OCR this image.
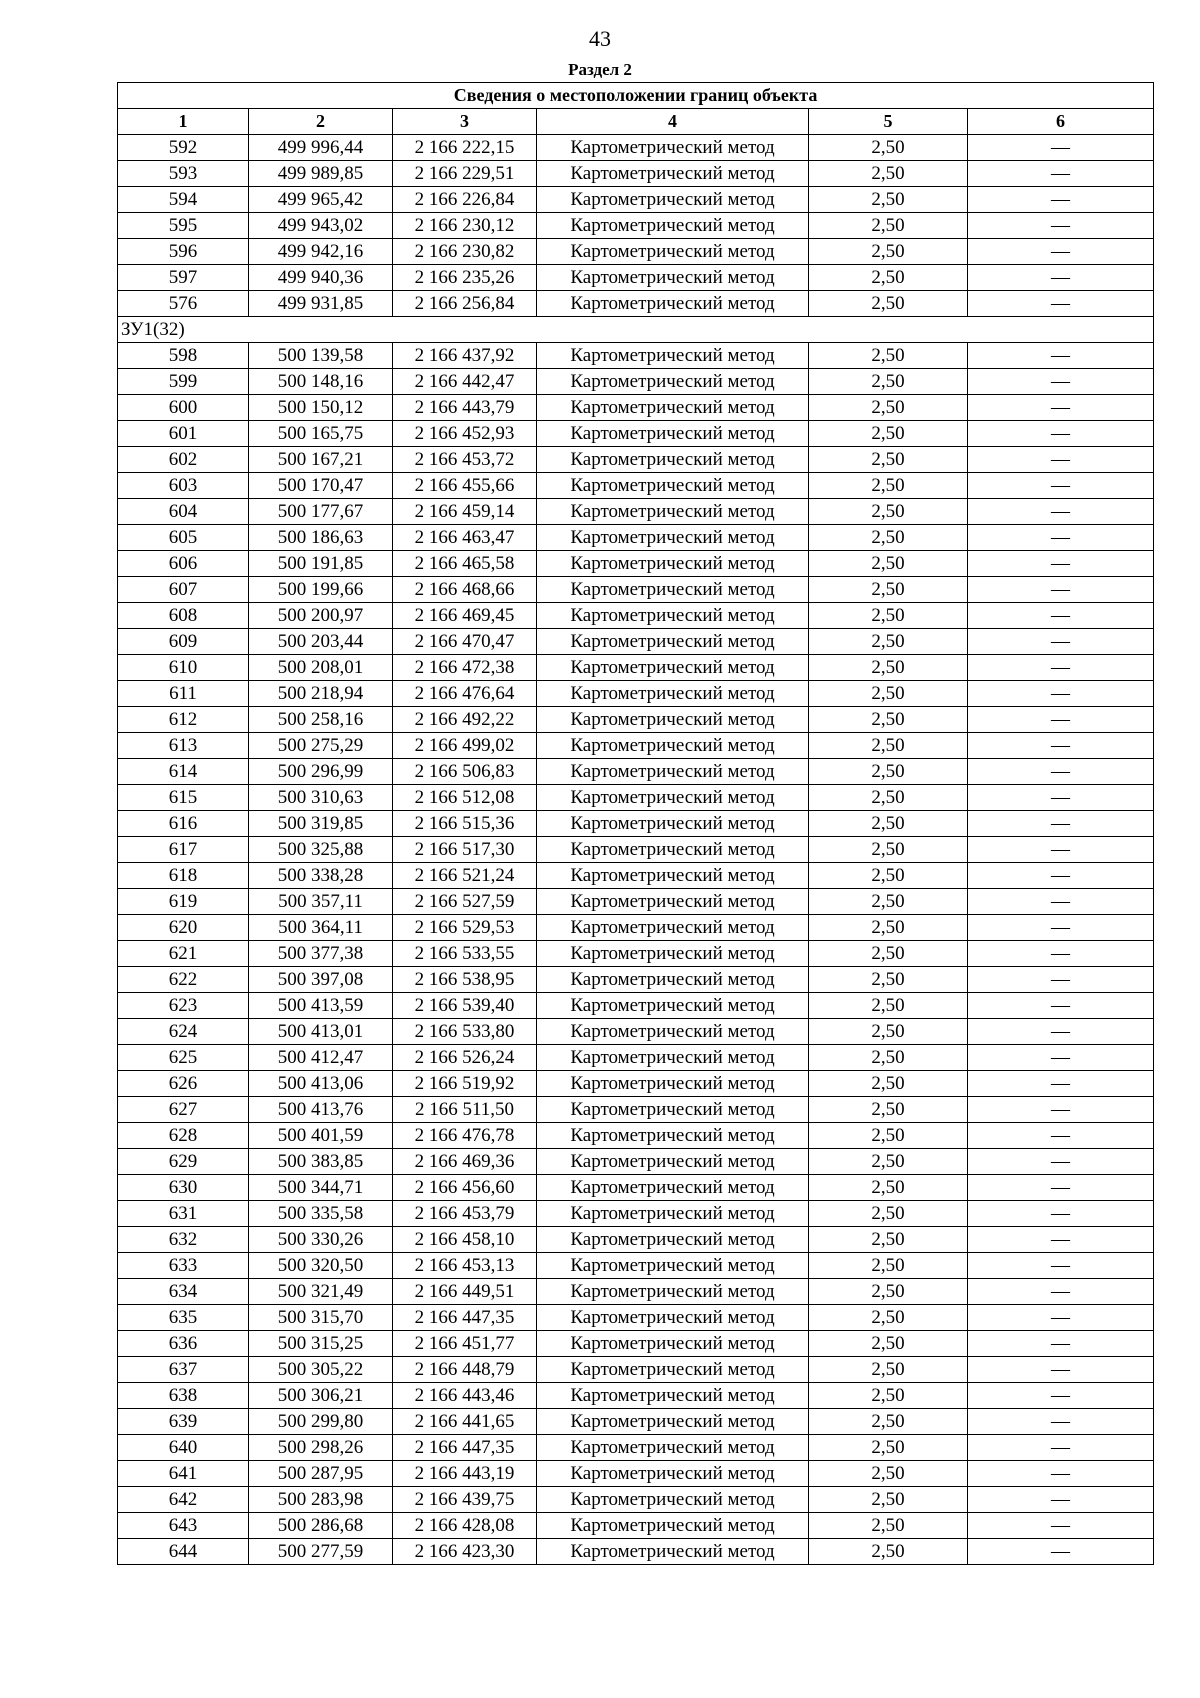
43
Раздел 2
Сведения о местоположении границ объекта					
1	2	3	4	5	6
592	499 996,44	2 166 222,15	Картометрический метод	2,50	—
593	499 989,85	2 166 229,51	Картометрический метод	2,50	—
594	499 965,42	2 166 226,84	Картометрический метод	2,50	—
595	499 943,02	2 166 230,12	Картометрический метод	2,50	—
596	499 942,16	2 166 230,82	Картометрический метод	2,50	—
597	499 940,36	2 166 235,26	Картометрический метод	2,50	—
576	499 931,85	2 166 256,84	Картометрический метод	2,50	—
ЗУ1(32)					
598	500 139,58	2 166 437,92	Картометрический метод	2,50	—
599	500 148,16	2 166 442,47	Картометрический метод	2,50	—
600	500 150,12	2 166 443,79	Картометрический метод	2,50	—
601	500 165,75	2 166 452,93	Картометрический метод	2,50	—
602	500 167,21	2 166 453,72	Картометрический метод	2,50	—
603	500 170,47	2 166 455,66	Картометрический метод	2,50	—
604	500 177,67	2 166 459,14	Картометрический метод	2,50	—
605	500 186,63	2 166 463,47	Картометрический метод	2,50	—
606	500 191,85	2 166 465,58	Картометрический метод	2,50	—
607	500 199,66	2 166 468,66	Картометрический метод	2,50	—
608	500 200,97	2 166 469,45	Картометрический метод	2,50	—
609	500 203,44	2 166 470,47	Картометрический метод	2,50	—
610	500 208,01	2 166 472,38	Картометрический метод	2,50	—
611	500 218,94	2 166 476,64	Картометрический метод	2,50	—
612	500 258,16	2 166 492,22	Картометрический метод	2,50	—
613	500 275,29	2 166 499,02	Картометрический метод	2,50	—
614	500 296,99	2 166 506,83	Картометрический метод	2,50	—
615	500 310,63	2 166 512,08	Картометрический метод	2,50	—
616	500 319,85	2 166 515,36	Картометрический метод	2,50	—
617	500 325,88	2 166 517,30	Картометрический метод	2,50	—
618	500 338,28	2 166 521,24	Картометрический метод	2,50	—
619	500 357,11	2 166 527,59	Картометрический метод	2,50	—
620	500 364,11	2 166 529,53	Картометрический метод	2,50	—
621	500 377,38	2 166 533,55	Картометрический метод	2,50	—
622	500 397,08	2 166 538,95	Картометрический метод	2,50	—
623	500 413,59	2 166 539,40	Картометрический метод	2,50	—
624	500 413,01	2 166 533,80	Картометрический метод	2,50	—
625	500 412,47	2 166 526,24	Картометрический метод	2,50	—
626	500 413,06	2 166 519,92	Картометрический метод	2,50	—
627	500 413,76	2 166 511,50	Картометрический метод	2,50	—
628	500 401,59	2 166 476,78	Картометрический метод	2,50	—
629	500 383,85	2 166 469,36	Картометрический метод	2,50	—
630	500 344,71	2 166 456,60	Картометрический метод	2,50	—
631	500 335,58	2 166 453,79	Картометрический метод	2,50	—
632	500 330,26	2 166 458,10	Картометрический метод	2,50	—
633	500 320,50	2 166 453,13	Картометрический метод	2,50	—
634	500 321,49	2 166 449,51	Картометрический метод	2,50	—
635	500 315,70	2 166 447,35	Картометрический метод	2,50	—
636	500 315,25	2 166 451,77	Картометрический метод	2,50	—
637	500 305,22	2 166 448,79	Картометрический метод	2,50	—
638	500 306,21	2 166 443,46	Картометрический метод	2,50	—
639	500 299,80	2 166 441,65	Картометрический метод	2,50	—
640	500 298,26	2 166 447,35	Картометрический метод	2,50	—
641	500 287,95	2 166 443,19	Картометрический метод	2,50	—
642	500 283,98	2 166 439,75	Картометрический метод	2,50	—
643	500 286,68	2 166 428,08	Картометрический метод	2,50	—
644	500 277,59	2 166 423,30	Картометрический метод	2,50	—
